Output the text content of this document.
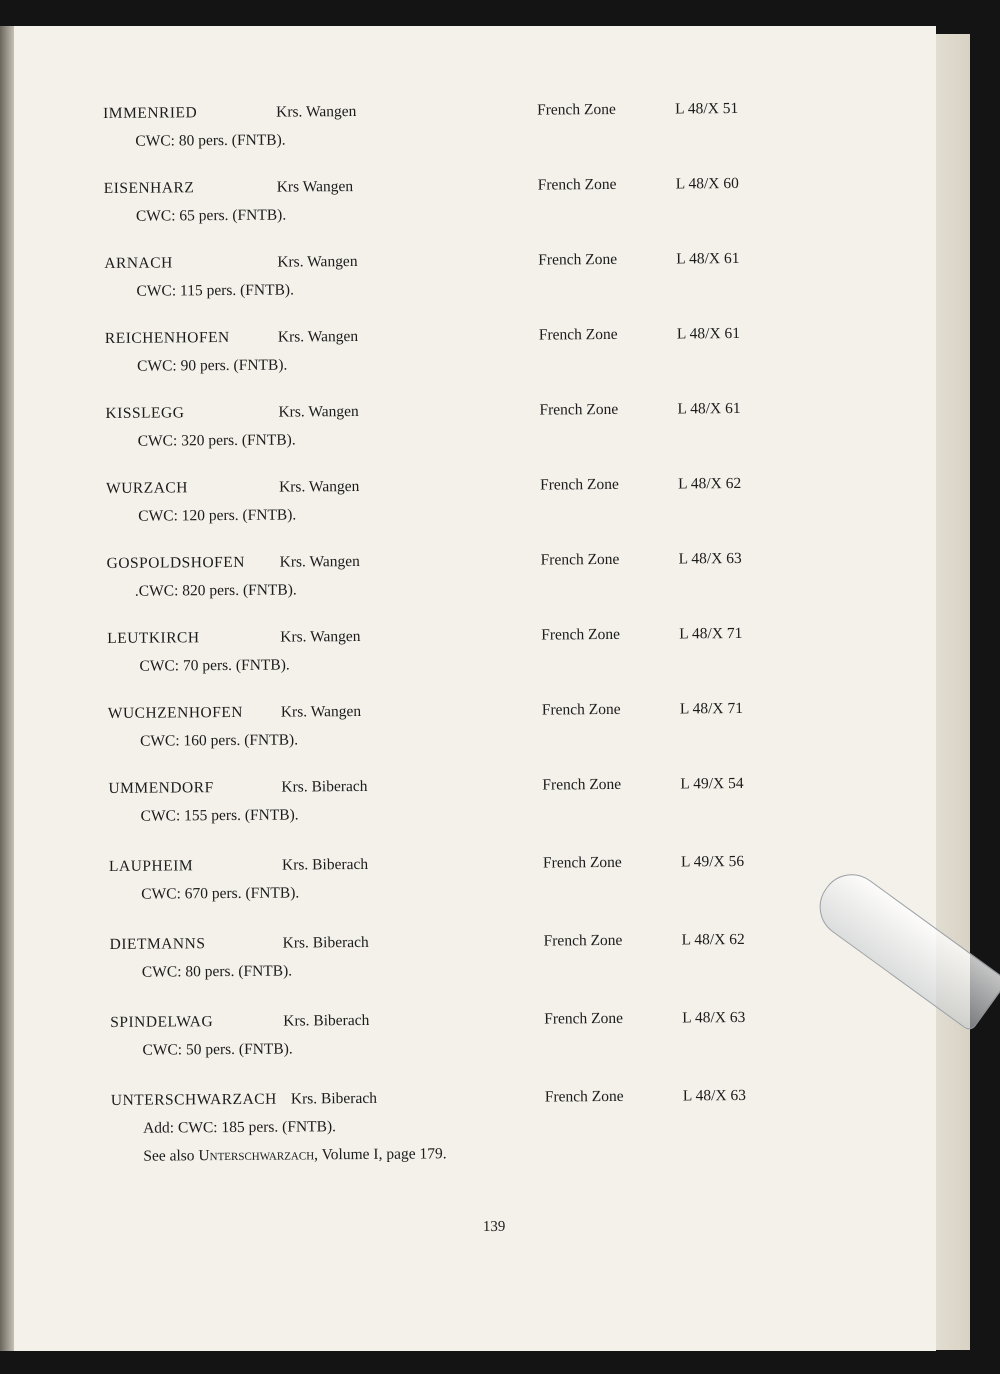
IMMENRIED	Krs. Wangen	French Zone	L 48/X 51
CWC: 80 pers. (FNTB).
EISENHARZ	Krs Wangen	French Zone	L 48/X 60
CWC: 65 pers. (FNTB).
ARNACH	Krs. Wangen	French Zone	L 48/X 61
CWC: 115 pers. (FNTB).
REICHENHOFEN	Krs. Wangen	French Zone	L 48/X 61
CWC: 90 pers. (FNTB).
KISSLEGG	Krs. Wangen	French Zone	L 48/X 61
CWC: 320 pers. (FNTB).
WURZACH	Krs. Wangen	French Zone	L 48/X 62
CWC: 120 pers. (FNTB).
GOSPOLDSHOFEN Krs. Wangen	French Zone	L 48/X 63
.CWC: 820 pers. (FNTB).
LEUTKIRCH	Krs. Wangen	French Zone	L 48/X 71
CWC: 70 pers. (FNTB).
WUCHZENHOFEN Krs. Wangen	French Zone	L 48/X 71
CWC: 160 pers. (FNTB).
UMMENDORF	Krs. Biberach	French Zone	L 49/X 54
CWC: 155 pers. (FNTB).
LAUPHEIM	Krs. Biberach	French Zone	L 49/X 56
CWC: 670 pers. (FNTB).
DIETMANNS	Krs. Biberach	French Zone	L 48/X 62
CWC: 80 pers. (FNTB).
SPINDELWAG	Krs. Biberach	French Zone	L 48/X 63
CWC: 50 pers. (FNTB).
UNTERSCHWARZACH Krs. Biberach	French Zone	L 48/X 63
Add: CWC: 185 pers. (FNTB).
See also Unterschwarzach, Volume I, page 179.
139
